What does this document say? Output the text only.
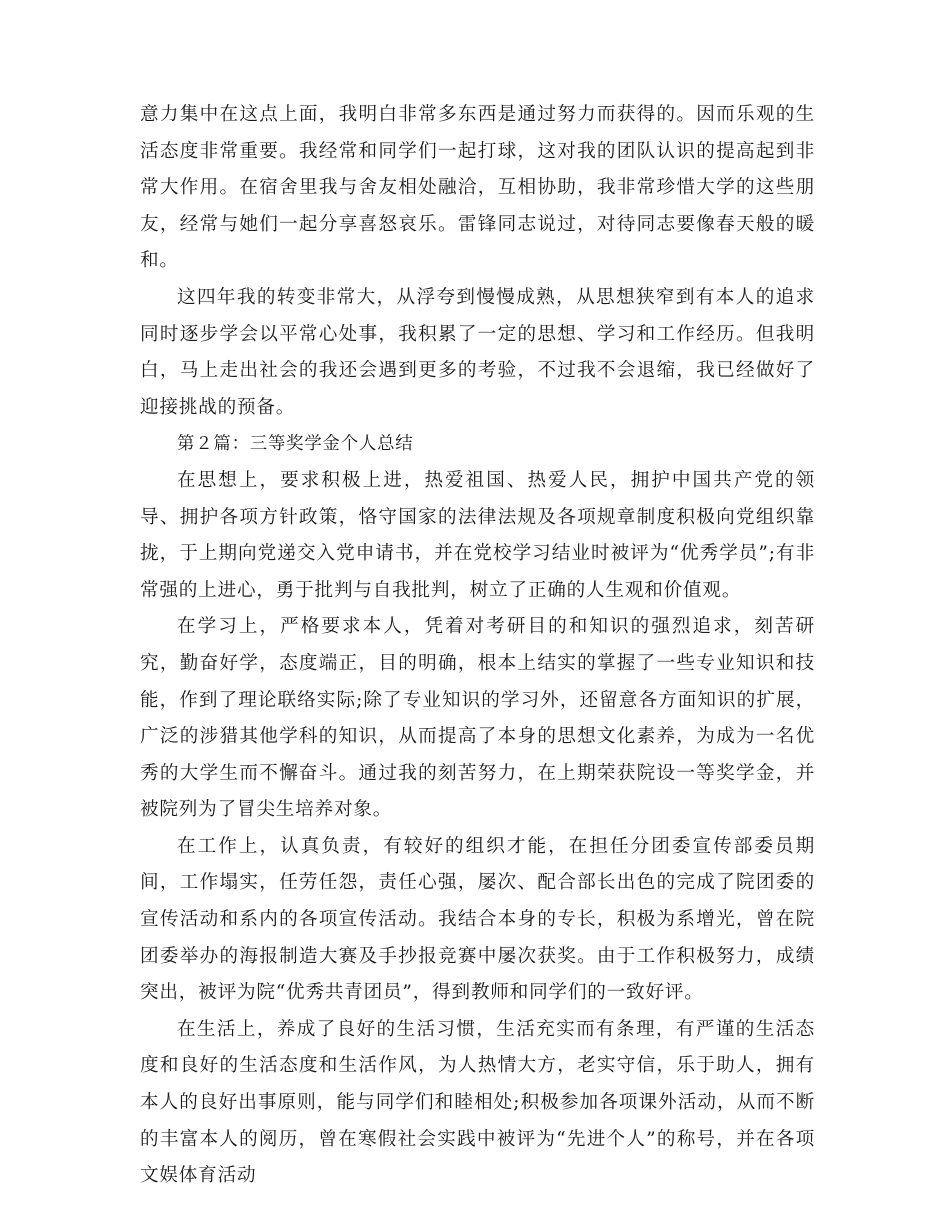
意力集中在这点上面，我明白非常多东西是通过努力而获得的。因而乐观的生活态度非常重要。我经常和同学们一起打球，这对我的团队认识的提高起到非常大作用。在宿舍里我与舍友相处融洽，互相协助，我非常珍惜大学的这些朋友，经常与她们一起分享喜怒哀乐。雷锋同志说过，对待同志要像春天般的暖和。

这四年我的转变非常大，从浮夸到慢慢成熟，从思想狭窄到有本人的追求同时逐步学会以平常心处事，我积累了一定的思想、学习和工作经历。但我明白，马上走出社会的我还会遇到更多的考验，不过我不会退缩，我已经做好了迎接挑战的预备。

第２篇：三等奖学金个人总结

在思想上，要求积极上进，热爱祖国、热爱人民，拥护中国共产党的领导、拥护各项方针政策，恪守国家的法律法规及各项规章制度积极向党组织靠拢，于上期向党递交入党申请书，并在党校学习结业时被评为“优秀学员”;有非常强的上进心，勇于批判与自我批判，树立了正确的人生观和价值观。

在学习上，严格要求本人，凭着对考研目的和知识的强烈追求，刻苦研究，勤奋好学，态度端正，目的明确，根本上结实的掌握了一些专业知识和技能，作到了理论联络实际;除了专业知识的学习外，还留意各方面知识的扩展，广泛的涉猎其他学科的知识，从而提高了本身的思想文化素养，为成为一名优秀的大学生而不懈奋斗。通过我的刻苦努力，在上期荣获院设一等奖学金，并被院列为了冒尖生培养对象。

在工作上，认真负责，有较好的组织才能，在担任分团委宣传部委员期间，工作塌实，任劳任怨，责任心强，屡次、配合部长出色的完成了院团委的宣传活动和系内的各项宣传活动。我结合本身的专长，积极为系增光，曾在院团委举办的海报制造大赛及手抄报竞赛中屡次获奖。由于工作积极努力，成绩突出，被评为院“优秀共青团员”，得到教师和同学们的一致好评。

在生活上，养成了良好的生活习惯，生活充实而有条理，有严谨的生活态度和良好的生活态度和生活作风，为人热情大方，老实守信，乐于助人，拥有本人的良好出事原则，能与同学们和睦相处;积极参加各项课外活动，从而不断的丰富本人的阅历，曾在寒假社会实践中被评为“先进个人”的称号，并在各项文娱体育活动
